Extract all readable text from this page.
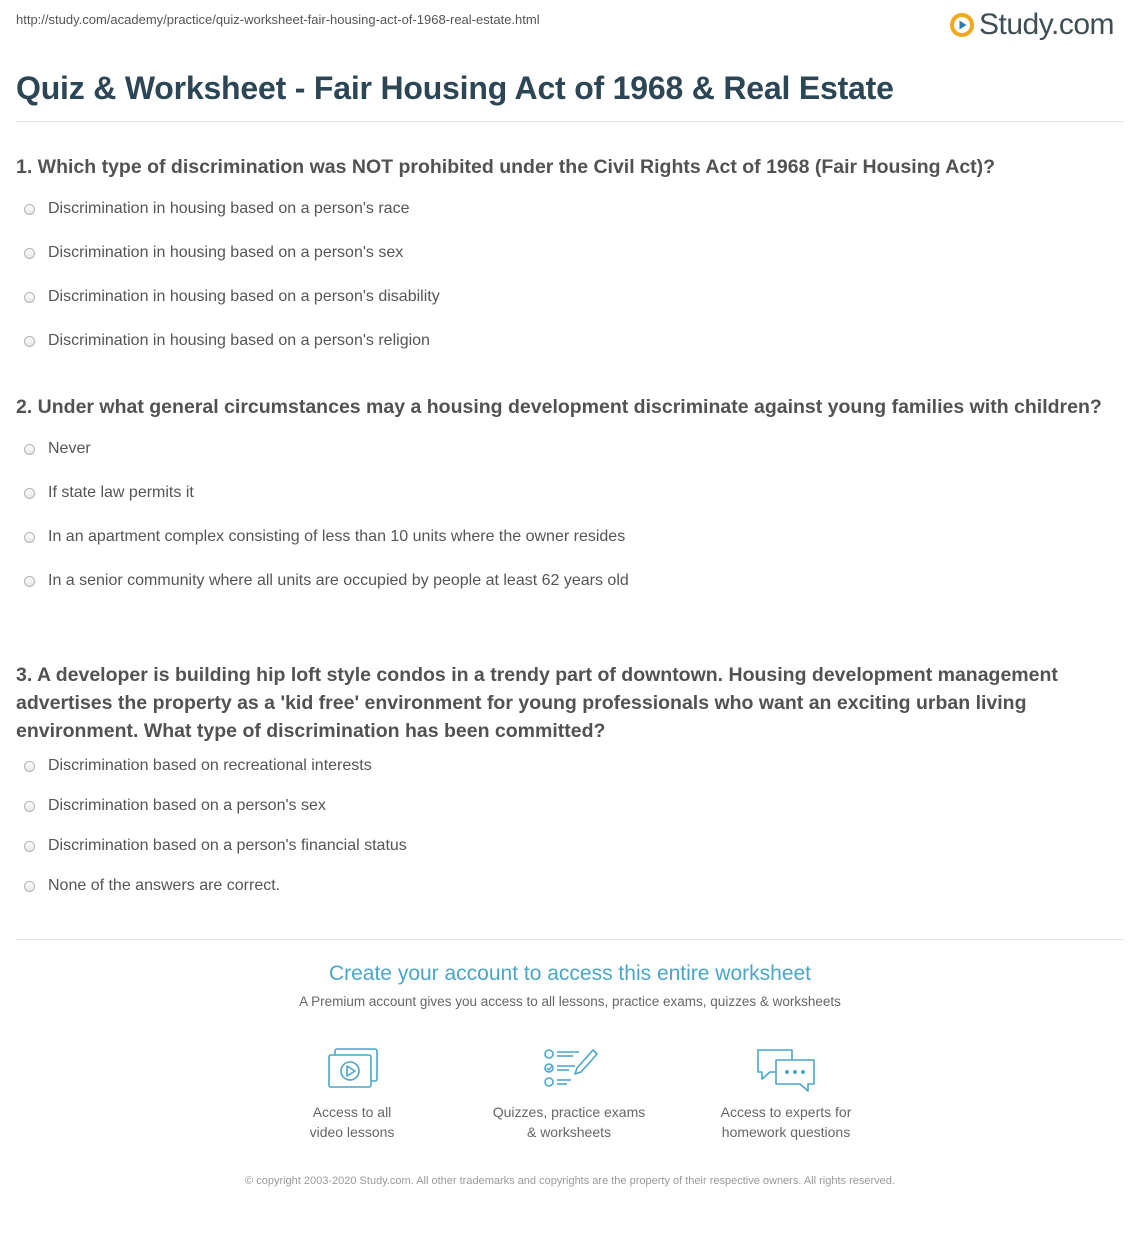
http://study.com/academy/practice/quiz-worksheet-fair-housing-act-of-1968-real-estate.html	Study.com
Quiz & Worksheet - Fair Housing Act of 1968 & Real Estate

1. Which type of discrimination was NOT prohibited under the Civil Rights Act of 1968 (Fair Housing Act)?

Discrimination in housing based on a person's race
Discrimination in housing based on a person's sex
Discrimination in housing based on a person's disability
Discrimination in housing based on a person's religion

2. Under what general circumstances may a housing development discriminate against young families with children?

Never
If state law permits it
In an apartment complex consisting of less than 10 units where the owner resides
In a senior community where all units are occupied by people at least 62 years old

3. A developer is building hip loft style condos in a trendy part of downtown. Housing development management advertises the property as a 'kid free' environment for young professionals who want an exciting urban living environment. What type of discrimination has been committed?

Discrimination based on recreational interests
Discrimination based on a person's sex
Discrimination based on a person's financial status
None of the answers are correct.
Create your account to access this entire worksheet
A Premium account gives you access to all lessons, practice exams, quizzes & worksheets
Access to all
video lessons
Quizzes, practice exams
& worksheets
Access to experts for
homework questions
© copyright 2003-2020 Study.com. All other trademarks and copyrights are the property of their respective owners. All rights reserved.
